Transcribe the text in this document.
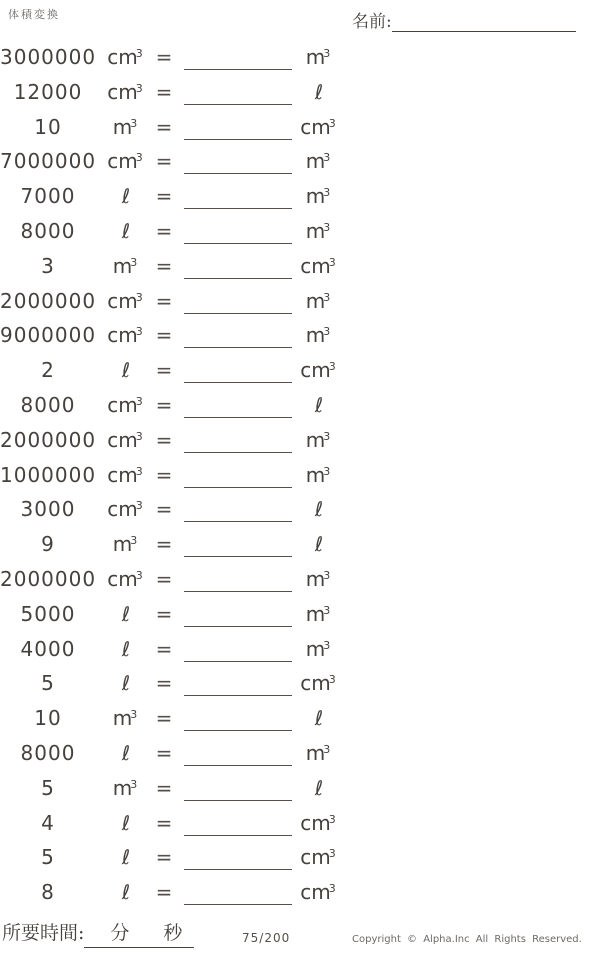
体積変換	名前:
3000000 $cm^3$ =	$m^3$
12000	$cm^3$ =	ℓ
10	$m^3$ =	$cm^3$
7000000 $cm^3$ =	$m^3$
7000	ℓ	=	$m^3$
8000	ℓ	=	$m^3$
3	$m^3$ =	$cm^3$
2000000 $cm^3$ =	$m^3$
9000000 $cm^3$ =	$m^3$
2	ℓ	=	$cm^3$
8000	$cm^3$ =	ℓ
2000000 $cm^3$ =	$m^3$
1000000 $cm^3$ =	$m^3$
3000	$cm^3$ =	ℓ
9	$m^3$ =	ℓ
2000000 $cm^3$ =	$m^3$
5000	ℓ	=	$m^3$
4000	ℓ	=	$m^3$
5	ℓ	=	$cm^3$
10	$m^3$ =	ℓ
8000	ℓ	=	$m^3$
5	$m^3$ =	ℓ
4	ℓ	=	$cm^3$
5	ℓ	=	$cm^3$
8	ℓ	=	$cm^3$
所要時間: 分 秒	75/200	Copyright © Alpha.Inc All Rights Reserved.
